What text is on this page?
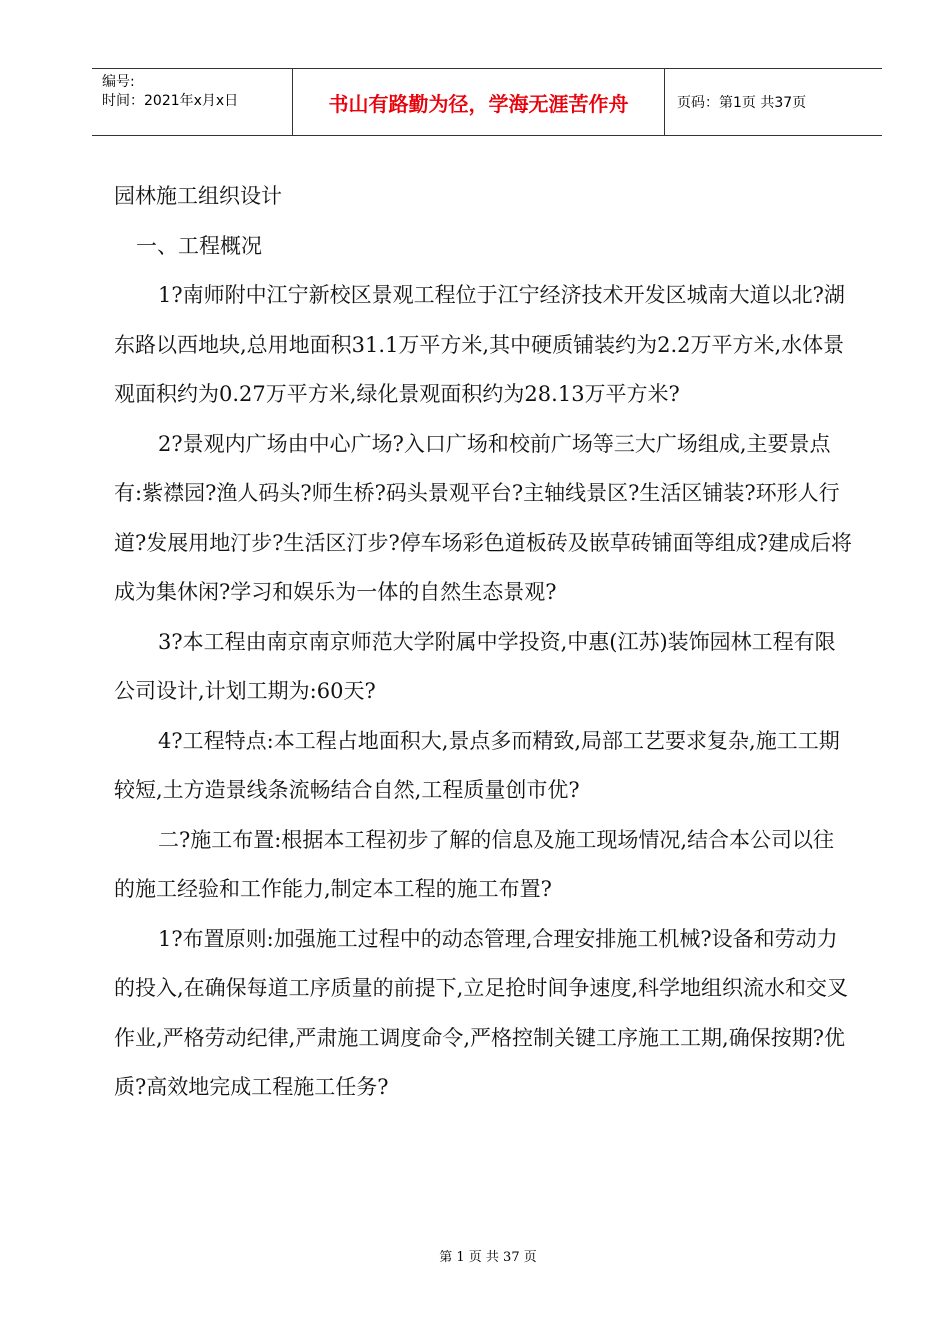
编号:
时间：2021年x月x日	书山有路勤为径，学海无涯苦作舟	页码：第1页 共37页

园林施工组织设计

一、工程概况

1?南师附中江宁新校区景观工程位于江宁经济技术开发区城南大道以北?湖东路以西地块,总用地面积31.1万平方米,其中硬质铺装约为2.2万平方米,水体景观面积约为0.27万平方米,绿化景观面积约为28.13万平方米?

2?景观内广场由中心广场?入口广场和校前广场等三大广场组成,主要景点有:紫襟园?渔人码头?师生桥?码头景观平台?主轴线景区?生活区铺装?环形人行道?发展用地汀步?生活区汀步?停车场彩色道板砖及嵌草砖铺面等组成?建成后将成为集休闲?学习和娱乐为一体的自然生态景观?

3?本工程由南京南京师范大学附属中学投资,中惠(江苏)装饰园林工程有限公司设计,计划工期为:60天?

4?工程特点:本工程占地面积大,景点多而精致,局部工艺要求复杂,施工工期较短,土方造景线条流畅结合自然,工程质量创市优?

二?施工布置:根据本工程初步了解的信息及施工现场情况,结合本公司以往的施工经验和工作能力,制定本工程的施工布置?

1?布置原则:加强施工过程中的动态管理,合理安排施工机械?设备和劳动力的投入,在确保每道工序质量的前提下,立足抢时间争速度,科学地组织流水和交叉作业,严格劳动纪律,严肃施工调度命令,严格控制关键工序施工工期,确保按期?优质?高效地完成工程施工任务?

第 1 页 共 37 页
